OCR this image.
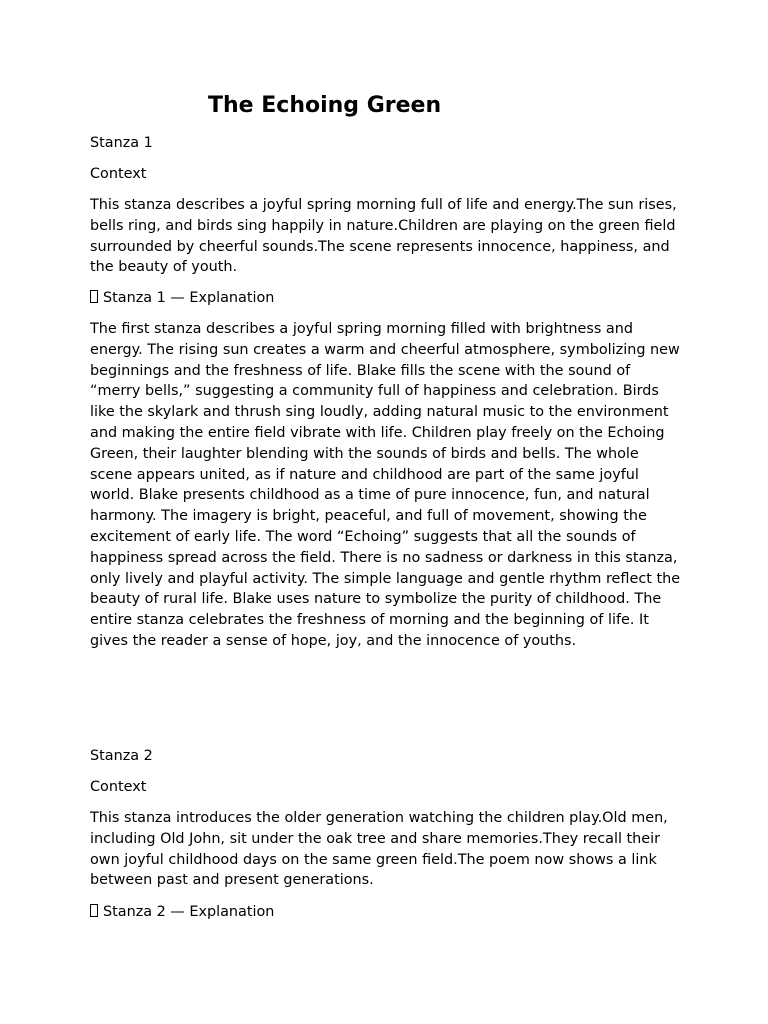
The Echoing Green

Stanza 1

Context

This stanza describes a joyful spring morning full of life and energy.The sun rises, bells ring, and birds sing happily in nature.Children are playing on the green field surrounded by cheerful sounds.The scene represents innocence, happiness, and the beauty of youth.

Stanza 1 — Explanation

The first stanza describes a joyful spring morning filled with brightness and energy. The rising sun creates a warm and cheerful atmosphere, symbolizing new beginnings and the freshness of life. Blake fills the scene with the sound of “merry bells,” suggesting a community full of happiness and celebration. Birds like the skylark and thrush sing loudly, adding natural music to the environment and making the entire field vibrate with life. Children play freely on the Echoing Green, their laughter blending with the sounds of birds and bells. The whole scene appears united, as if nature and childhood are part of the same joyful world. Blake presents childhood as a time of pure innocence, fun, and natural harmony. The imagery is bright, peaceful, and full of movement, showing the excitement of early life. The word “Echoing” suggests that all the sounds of happiness spread across the field. There is no sadness or darkness in this stanza, only lively and playful activity. The simple language and gentle rhythm reflect the beauty of rural life. Blake uses nature to symbolize the purity of childhood. The entire stanza celebrates the freshness of morning and the beginning of life. It gives the reader a sense of hope, joy, and the innocence of youths.

Stanza 2

Context

This stanza introduces the older generation watching the children play.Old men, including Old John, sit under the oak tree and share memories.They recall their own joyful childhood days on the same green field.The poem now shows a link between past and present generations.

Stanza 2 — Explanation
